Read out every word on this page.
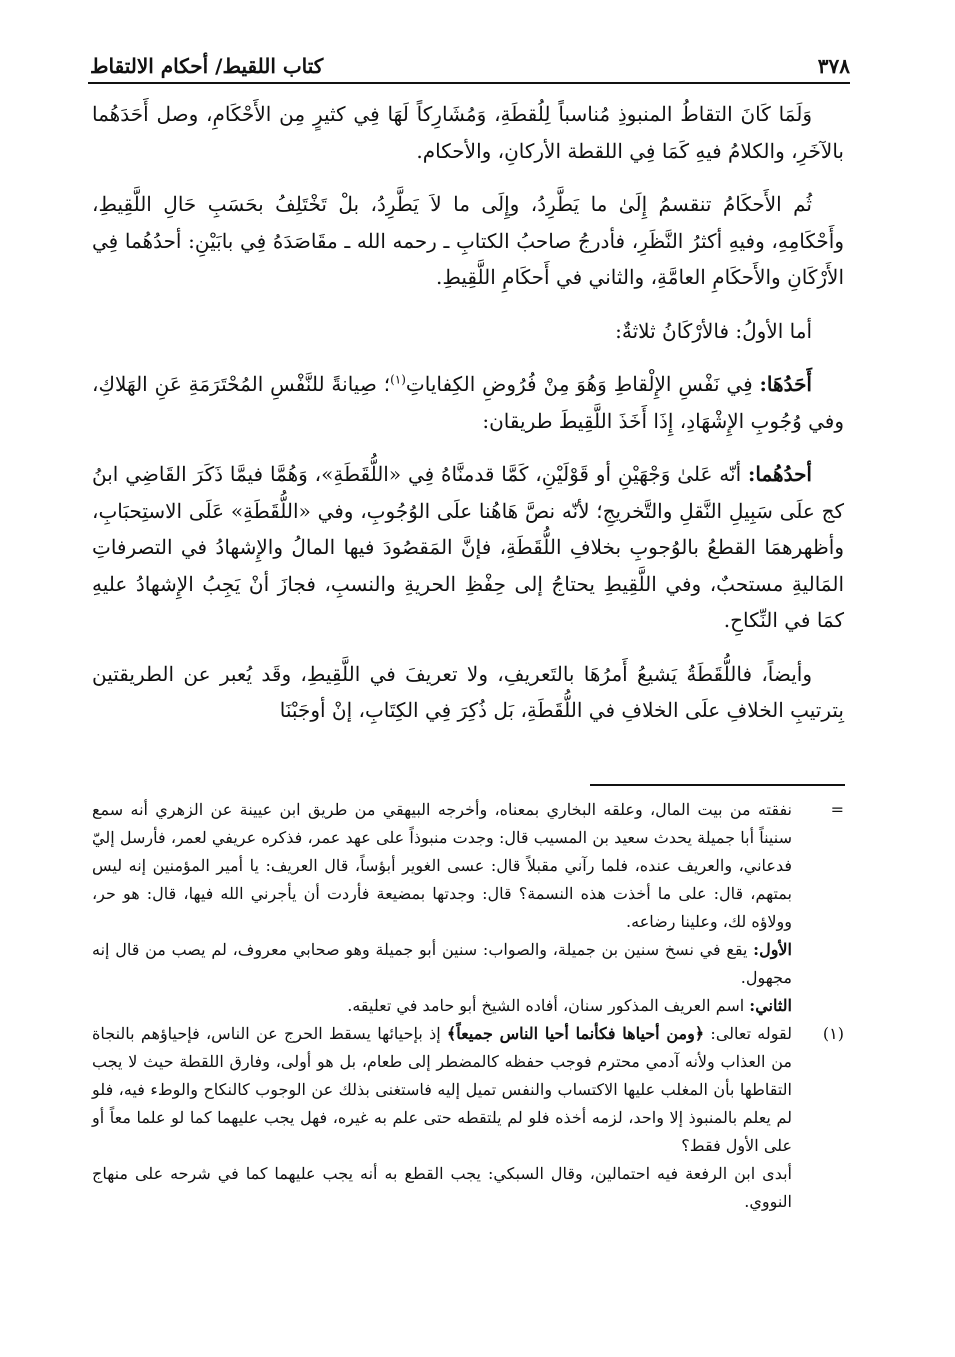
٣٧٨
كتاب اللقيط/ أحكام الالتقاط

وَلَمَا كَانَ التقاطُ المنبوذِ مُناسباً لِلُقطَةِ، وَمُشَارِكاً لَهَا فِي كثيرٍ مِن الأَحْكَامِ، وصل أَحَدَهُما بالآخَرِ، والكلامُ فيهِ كَمَا فِي اللقطة الأركانِ، والأحكام.

ثُم الأَحكَامُ تنقسمُ إِلَىٰ ما يَطَّرِدُ، وإِلَى ما لاَ يَطَّرِدُ، بلْ تَخْتَلِفُ بحَسَبِ حَالِ اللَّقِيطِ، وأَحْكَامِهِ، وفيهِ أكثرُ النَّظَرِ، فأدرجُ صاحبُ الكتابِ ـ رحمه الله ـ مقَاصَدَهُ فِي بابَيْنِ: أحدُهُما فِي الأَرْكَانِ والأَحكَامِ العامَّةِ، والثاني في أَحكَامِ اللَّقِيطِ.

أما الأولُ: فالأرْكَانُ ثلاثةٌ:

أَحَدُهَا: فِي نَفْسِ الإِلْقاطِ وَهُوَ مِنْ فُرُوضِ الكِفاياتِ$^{(١)}$؛ صِيانةً للنَّفْسِ المُحْتَرَمَةِ عَنِ الهَلاكِ، وفي وُجُوبِ الإِشْهَادِ، إِذَا أَخَذَ اللَّقِيطَ طريقان:

أحدُهُما: أنّه عَلىٰ وَجْهَيْنِ أو قَوْلَيْنِ، كَمَّا قدمنَّاهُ فِي «اللُّقَطَةِ»، وَهُمَّا فيمَّا ذَكَرَ القَاضِي ابنُ كج علَى سَبِيلِ النَّقلِ والتَّخريجِ؛ لأنّه نصَّ هَاهُنا علَى الوُجُوبِ، وفي «اللُّقَطَةِ» عَلَى الاستِحبَابِ، وأظهرهمَا القطعُ بالوُجوبِ بخلافِ اللُّقَطَةِ، فإنَّ المَقصُودَ فيها المالُ والإِشهادُ في التصرفاتِ المَاليةِ مستحبٌ، وفي اللَّقِيطِ يحتاجُ إلى حِفْظِ الحريةِ والنسبِ، فجازَ أنْ يَجِبُ الإِشهادُ عليهِ كمَا في النِّكاحِ.

وأيضاً، فاللُّقَطَةُ يَشيعُ أَمرُهَا بالتَعريفِ، ولا تعريفَ في اللَّقِيطِ، وقَد يُعبر عن الطريقتين بِترتيبِ الخلافِ علَى الخلافِ في اللُّقَطَةِ، بَل ذُكِرَ فِي الكِتَابِ، إنْ أوجَبْنَا

=

نفقته من بيت المال، وعلقه البخاري بمعناه، وأخرجه البيهقي من طريق ابن عيينة عن الزهري أنه سمع سنيناً أبا جميلة يحدث سعيد بن المسيب قال: وجدت منبوذاً على عهد عمر، فذكره عريفي لعمر، فأرسل إليّ فدعاني، والعريف عنده، فلما رآني مقبلاً قال: عسى الغوير أبؤساً، قال العريف: يا أمير المؤمنين إنه ليس بمتهم، قال: على ما أخذت هذه النسمة؟ قال: وجدتها بمضيعة فأردت أن يأجرني الله فيها، قال: هو حر، وولاؤه لك، وعلينا رضاعه.

الأول: يقع في نسخ سنين بن جميلة، والصواب: سنين أبو جميلة وهو صحابي معروف، لم يصب من قال إنه مجهول.

الثاني: اسم العريف المذكور سنان، أفاده الشيخ أبو حامد في تعليقه.

(١)

لقوله تعالى: ﴿ومن أحياها فكأنما أحيا الناس جميعاً﴾ إذ بإحيائها يسقط الحرج عن الناس، فإحياؤهم بالنجاة من العذاب ولأنه آدمي محترم فوجب حفظه كالمضطر إلى طعام، بل هو أولى، وفارق اللقطة حيث لا يجب التقاطها بأن المغلب عليها الاكتساب والنفس تميل إليه فاستغنى بذلك عن الوجوب كالنكاح والوطء فيه، فلو لم يعلم بالمنبوذ إلا واحد، لزمه أخذه فلو لم يلتقطه حتى علم به غيره، فهل يجب عليهما كما لو علما معاً أو على الأول فقط؟

أبدى ابن الرفعة فيه احتمالين، وقال السبكي: يجب القطع به أنه يجب عليهما كما في شرحه على منهاج النووي.
